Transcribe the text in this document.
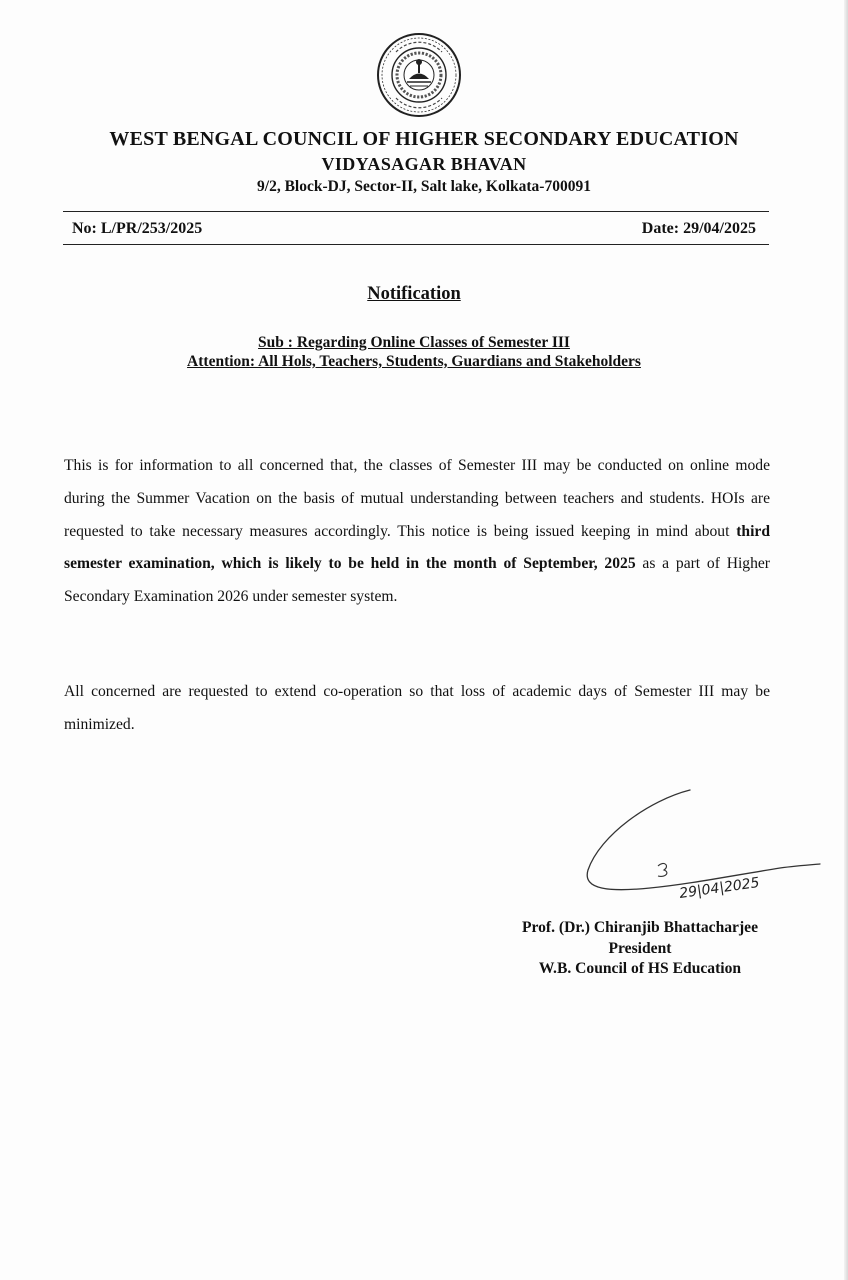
WEST BENGAL COUNCIL OF HIGHER SECONDARY EDUCATION
VIDYASAGAR BHAVAN
9/2, Block-DJ, Sector-II, Salt lake, Kolkata-700091
No: L/PR/253/2025	Date: 29/04/2025
Notification
Sub : Regarding Online Classes of Semester III
Attention: All Hols, Teachers, Students, Guardians and Stakeholders

This is for information to all concerned that, the classes of Semester III may be conducted on online mode during the Summer Vacation on the basis of mutual understanding between teachers and students. HOIs are requested to take necessary measures accordingly. This notice is being issued keeping in mind about third semester examination, which is likely to be held in the month of September, 2025 as a part of Higher Secondary Examination 2026 under semester system.

All concerned are requested to extend co-operation so that loss of academic days of Semester III may be minimized.

29|04|2025
Prof. (Dr.) Chiranjib Bhattacharjee
President
W.B. Council of HS Education
